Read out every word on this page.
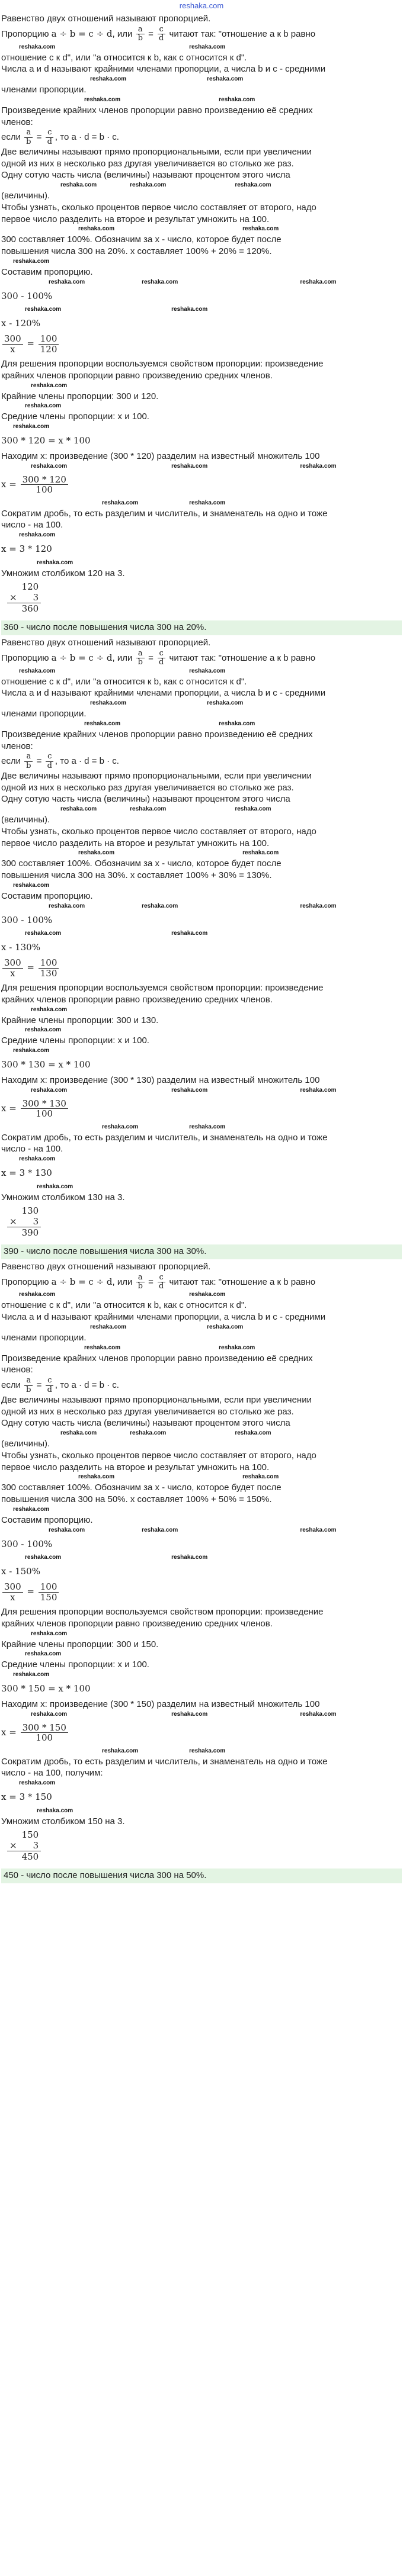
reshaka.com
Равенство двух отношений называют пропорцией.
Пропорцию a ÷ b = c ÷ d, или $\frac{a}{b} = \frac{c}{d}$ читают так: "отношение a к b равно
reshaka.com	reshaka.com
отношение c к d", или "a относится к b, как c относится к d".
Числа a и d называют крайними членами пропорции, а числа b и c - средними
reshaka.com	reshaka.com
членами пропорции.
reshaka.com	reshaka.com
Произведение крайних членов пропорции равно произведению её средних
членов:
если $\frac{a}{b} = \frac{c}{d}$ , то a · d = b · c.
Две величины называют прямо пропорциональными, если при увеличении
одной из них в несколько раз другая увеличивается во столько же раз.
Одну сотую часть числа (величины) называют процентом этого числа
reshaka.com	reshaka.com	reshaka.com
(величины).
Чтобы узнать, сколько процентов первое число составляет от второго, надо
первое число разделить на второе и результат умножить на 100.
reshaka.com	reshaka.com
300 составляет 100%. Обозначим за x - число, которое будет после
повышения числа 300 на 20%. x составляет 100% + 20% = 120%.
reshaka.com
Составим пропорцию.
reshaka.com	reshaka.com	reshaka.com
300 - 100%
reshaka.com	reshaka.com
x - 120%
$\frac{300}{x} = \frac{100}{120}$
Для решения пропорции воспользуемся свойством пропорции: произведение
крайних членов пропорции равно произведению средних членов.
reshaka.com
Крайние члены пропорции: 300 и 120.
reshaka.com
Средние члены пропорции: x и 100.
reshaka.com
300 * 120 = x * 100
Находим x: произведение (300 * 120) разделим на известный множитель 100
reshaka.com	reshaka.com	reshaka.com
$x = \frac{300 * 120}{100}$
reshaka.com	reshaka.com
Сократим дробь, то есть разделим и числитель, и знаменатель на одно и тоже
число - на 100.
reshaka.com
x = 3 * 120
reshaka.com
Умножим столбиком 120 на 3.
	120
×	3
	360
360 - число после повышения числа 300 на 20%.
Равенство двух отношений называют пропорцией.
Пропорцию a ÷ b = c ÷ d, или $\frac{a}{b} = \frac{c}{d}$ читают так: "отношение a к b равно
reshaka.com	reshaka.com
отношение c к d", или "a относится к b, как c относится к d".
Числа a и d называют крайними членами пропорции, а числа b и c - средними
reshaka.com	reshaka.com
членами пропорции.
reshaka.com	reshaka.com
Произведение крайних членов пропорции равно произведению её средних
членов:
если $\frac{a}{b} = \frac{c}{d}$ , то a · d = b · c.
Две величины называют прямо пропорциональными, если при увеличении
одной из них в несколько раз другая увеличивается во столько же раз.
Одну сотую часть числа (величины) называют процентом этого числа
reshaka.com	reshaka.com	reshaka.com
(величины).
Чтобы узнать, сколько процентов первое число составляет от второго, надо
первое число разделить на второе и результат умножить на 100.
reshaka.com	reshaka.com
300 составляет 100%. Обозначим за x - число, которое будет после
повышения числа 300 на 30%. x составляет 100% + 30% = 130%.
reshaka.com
Составим пропорцию.
reshaka.com	reshaka.com	reshaka.com
300 - 100%
reshaka.com	reshaka.com
x - 130%
$\frac{300}{x} = \frac{100}{130}$
Для решения пропорции воспользуемся свойством пропорции: произведение
крайних членов пропорции равно произведению средних членов.
reshaka.com
Крайние члены пропорции: 300 и 130.
reshaka.com
Средние члены пропорции: x и 100.
reshaka.com
300 * 130 = x * 100
Находим x: произведение (300 * 130) разделим на известный множитель 100
reshaka.com	reshaka.com	reshaka.com
$x = \frac{300 * 130}{100}$
reshaka.com	reshaka.com
Сократим дробь, то есть разделим и числитель, и знаменатель на одно и тоже
число - на 100.
reshaka.com
x = 3 * 130
reshaka.com
Умножим столбиком 130 на 3.
	130
×	3
	390
390 - число после повышения числа 300 на 30%.
Равенство двух отношений называют пропорцией.
Пропорцию a ÷ b = c ÷ d, или $\frac{a}{b} = \frac{c}{d}$ читают так: "отношение a к b равно
reshaka.com	reshaka.com
отношение c к d", или "a относится к b, как c относится к d".
Числа a и d называют крайними членами пропорции, а числа b и c - средними
reshaka.com	reshaka.com
членами пропорции.
reshaka.com	reshaka.com
Произведение крайних членов пропорции равно произведению её средних
членов:
если $\frac{a}{b} = \frac{c}{d}$ , то a · d = b · c.
Две величины называют прямо пропорциональными, если при увеличении
одной из них в несколько раз другая увеличивается во столько же раз.
Одну сотую часть числа (величины) называют процентом этого числа
reshaka.com	reshaka.com	reshaka.com
(величины).
Чтобы узнать, сколько процентов первое число составляет от второго, надо
первое число разделить на второе и результат умножить на 100.
reshaka.com	reshaka.com
300 составляет 100%. Обозначим за x - число, которое будет после
повышения числа 300 на 50%. x составляет 100% + 50% = 150%.
reshaka.com
Составим пропорцию.
reshaka.com	reshaka.com	reshaka.com
300 - 100%
reshaka.com	reshaka.com
x - 150%
$\frac{300}{x} = \frac{100}{150}$
Для решения пропорции воспользуемся свойством пропорции: произведение
крайних членов пропорции равно произведению средних членов.
reshaka.com
Крайние члены пропорции: 300 и 150.
reshaka.com
Средние члены пропорции: x и 100.
reshaka.com
300 * 150 = x * 100
Находим x: произведение (300 * 150) разделим на известный множитель 100
reshaka.com	reshaka.com	reshaka.com
$x = \frac{300 * 150}{100}$
reshaka.com	reshaka.com
Сократим дробь, то есть разделим и числитель, и знаменатель на одно и тоже
число - на 100, получим:
reshaka.com
x = 3 * 150
reshaka.com
Умножим столбиком 150 на 3.
	150
×	3
	450
450 - число после повышения числа 300 на 50%.
